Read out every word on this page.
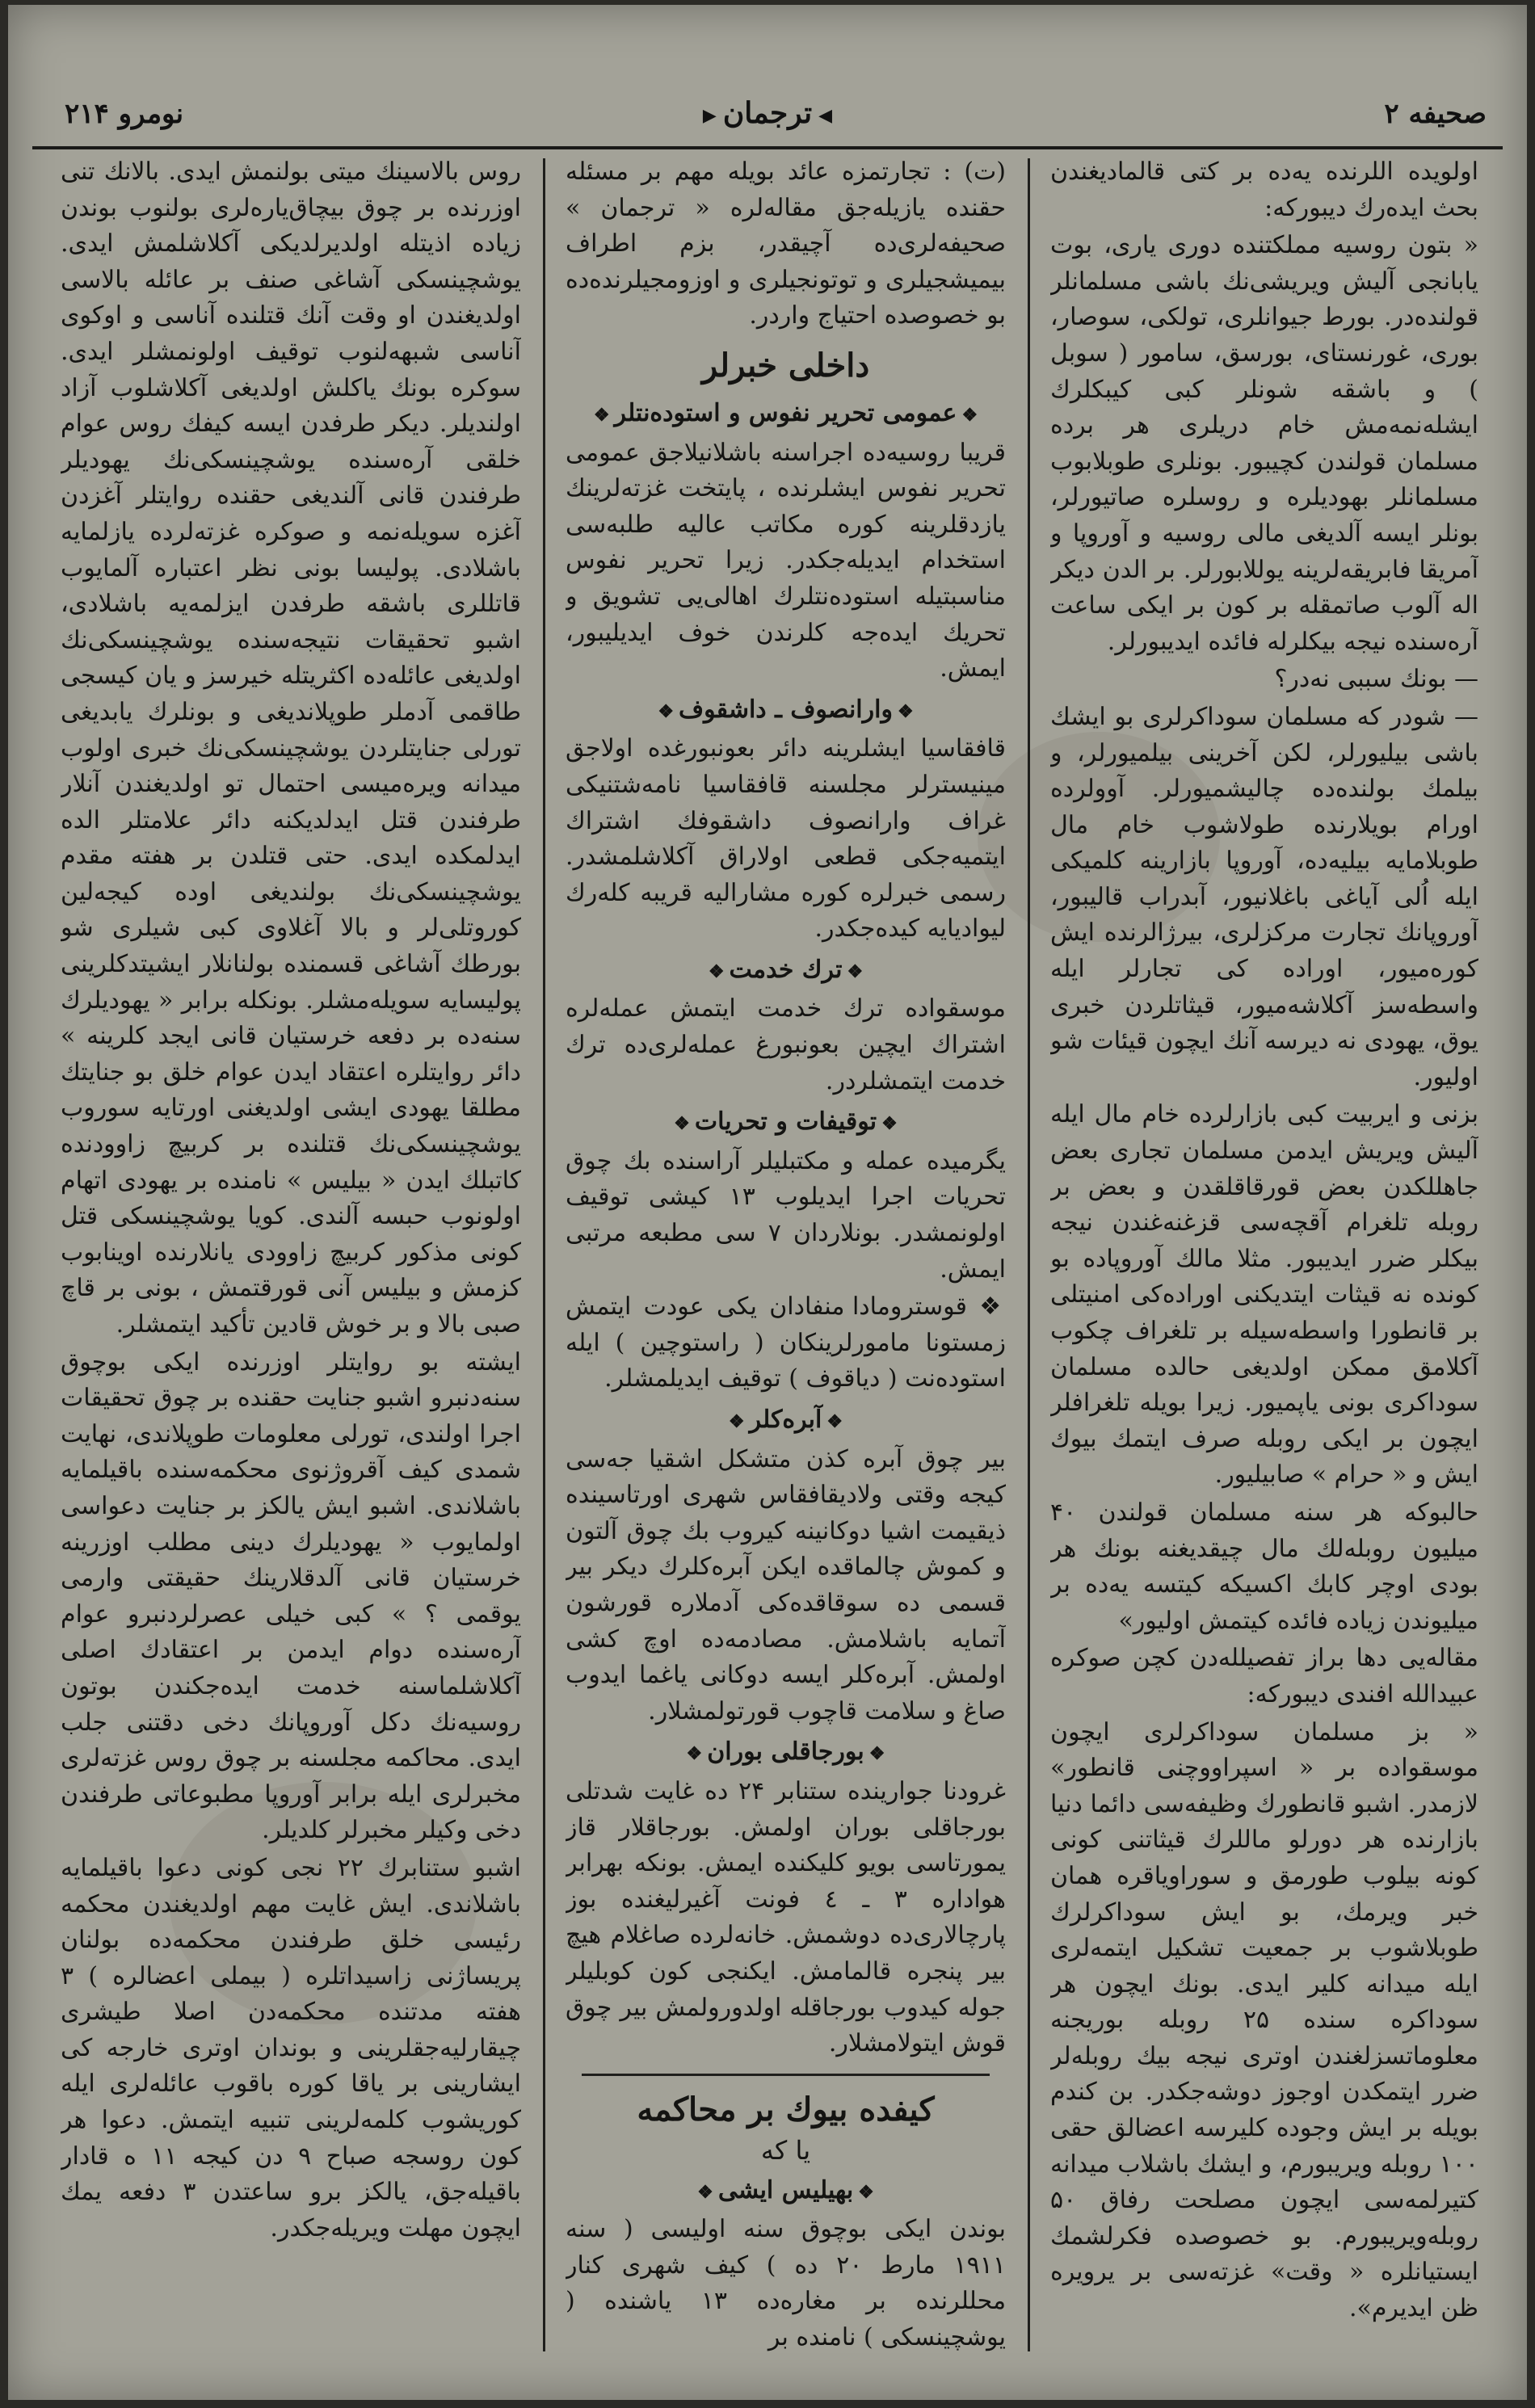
صحیفه ۲
◀ ترجمان ▶
نومرو ۲۱۴

اولویده اللرنده یه‌ده بر کتی قالمادیغندن بحث ایده‌رك دیبورکه:

« بتون روسیه مملکتنده دوری یاری، بوت یابانجی آلیش ویریشی‌نك باشی مسلمانلر قولنده‌در. بورط جیوانلری، تولکی، سوصار، بوری، غورنستای، بورسق، سامور ( سوبل ) و باشقه شونلر کبی کیبکلرك ایشله‌نمه‌مش خام دریلری هر برده مسلمان قولندن کچیبور. بونلری طوبلابوب مسلمانلر بهودیلره و روسلره صاتیورلر، بونلر ایسه آلدیغی مالی روسیه و آوروپا و آمریقا فابریقه‌لرینه یوللابورلر. بر الدن دیکر اله آلوب صاتمقله بر کون بر ایکی ساعت آره‌سنده نیجه بیکلرله فائده ایدیبورلر.

— بونك سببی نه‌در؟

— شودر که مسلمان سوداکرلری بو ایشك باشی بیلیورلر، لکن آخرینی بیلمیورلر، و بیلمك بولنده‌ده چالیشمیورلر. آوولرده اورام بویلارنده طولاشوب خام مال طوبلامایه بیلیه‌ده، آوروپا بازارینه کلمیکی ایله اُلی آیاغی باغلانیور، آبدراب قالیبور، آوروپانك تجارت مرکزلری، بیرژالرنده ایش کوره‌میور، اوراده کی تجارلر ایله واسطه‌سز آکلاشه‌میور، قیثاتلردن خبری یوق، یهودی نه دیرسه آنك ایچون قیئات شو اولیور.

بزنی و ایربیت کبی بازارلرده خام مال ایله آلیش ویریش ایدمن مسلمان تجاری بعض جاهللکدن بعض قورقاقلقدن و بعض بر روبله تلغرام آقچه‌سی قزغنه‌غندن نیجه بیکلر ضرر ایدیبور. مثلا مالك آوروپاده بو کونده نه قیثات ایتدیکنی اوراده‌کی امنیتلی بر قانطورا واسطه‌سیله بر تلغراف چکوب آکلامق ممکن اولدیغی حالده مسلمان سوداکری بونی یاپمیور. زیرا بویله تلغرافلر ایچون بر ایکی روبله صرف ایتمك بیوك ایش و « حرام » صابیلیور.

حالبوکه هر سنه مسلمان قولندن ۴۰ میلیون روبله‌لك مال چیقدیغنه بونك هر بودی اوچر کابك اکسیکه کیتسه یه‌ده بر میلیوندن زیاده فائده کیتمش اولیور»

مقاله‌یی دها براز تفصیلله‌دن کچن صوکره عبیدالله افندی دیبورکه:

« بز مسلمان سوداکرلری ایچون موسقواده بر « اسپراووچنی قانطور» لازمدر. اشبو قانطورك وظیفه‌سی دائما دنیا بازارنده هر دورلو ماللرك قیثاتنی کونی کونه بیلوب طورمق و سوراویاقره همان خبر ویرمك، بو ایش سوداکرلرك طوبلاشوب بر جمعیت تشکیل ایتمه‌لری ایله میدانه کلیر ایدی. بونك ایچون هر سوداکره سنده ۲۵ روبله بوریجنه معلوماتسزلغندن اوتری نیجه بیك روبله‌لر ضرر ایتمکدن اوجوز دوشه‌جکدر. بن کندم بویله بر ایش وجوده کلیرسه اعضالق حقی ۱۰۰ روبله ویریبورم، و ایشك باشلاب میدانه کتیرلمه‌سی ایچون مصلحت رفاق ۵۰ روبله‌ویریبورم. بو خصوصده فکرلشمك ایستیانلره « وقت» غزته‌سی بر یرویره ظن ایدیرم».

(ت) : تجارتمزه عائد بویله مهم بر مسئله حقنده یازیله‌جق مقاله‌لره « ترجمان » صحیفه‌لری‌ده آچیقدر، بزم اطراف بیمیشجیلری و توتونجیلری و اوزومجیلرنده‌ده بو خصوصده احتیاج واردر.

داخلی خبرلر
❖عمومی تحریر نفوس و استوده‌نتلر❖

قریبا روسیه‌ده اجراسنه باشلانیلاجق عمومی تحریر نفوس ایشلرنده ، پایتخت غزته‌لرینك یازدقلرینه کوره مکاتب عالیه طلبه‌سی استخدام ایدیله‌جکدر. زیرا تحریر نفوس مناسبتیله استوده‌نتلرك اهالی‌یی تشویق و تحریك ایده‌جه کلرندن خوف ایدیلیبور، ایمش.

❖وارانصوف ـ داشقوف❖

قافقاسیا ایشلرینه دائر بعونبورغده اولاجق مینیسترلر مجلسنه قافقاسیا نامه‌شتنیکی غراف وارانصوف داشقوفك اشتراك ایتمیه‌جکی قطعی اولاراق آکلاشلمشدر. رسمی خبرلره کوره مشارالیه قریبه کله‌رك لیوادیایه کیده‌جکدر.

❖ترك خدمت❖

موسقواده ترك خدمت ایتمش عمله‌لره اشتراك ایچین بعونبورغ عمله‌لری‌ده ترك خدمت ایتمشلردر.

❖توقیفات و تحریات❖

یگرمیده عمله و مکتبلیلر آرا‌سنده بك چوق تحریات اجرا ایدیلوب ۱۳ کیشی توقیف اولونمشدر. بونلاردان ۷ سی مطبعه مرتبی ایمش.

❖ قوسترومادا منفادان یکی عودت ایتمش زمستونا مامورلرینکان ( راستوچین ) ایله استوده‌نت ( دیاقوف ) توقیف ایدیلمشلر.

❖آبره‌کلر❖

بیر چوق آبره کذن متشکل اشقیا جه‌سی کیجه وقتی ولادیقافقاس شهری اورتاسینده ذیقیمت اشیا دوکانینه کیروب بك چوق آلتون و کموش چالماقده ایکن آبره‌کلرك دیکر بیر قسمی ده سوقاقده‌کی آدملاره قورشون آتمایه باشلامش. مصادمه‌ده اوچ کشی اولمش. آبره‌کلر ایسه دوکانی یاغما ایدوب صاغ و سلامت قاچوب قورتولمشلار.

❖بورجاقلی بوران❖

غرودنا جوارینده ستنابر ۲۴ ده غایت شدتلی بورجاقلی بوران اولمش. بورجاقلار قاز یمورتاسی بویو کلیکنده ایمش. بونکه بهرابر هواداره ۳ ـ ٤ فونت آغیرلیغنده بوز پارچالاری‌ده دوشمش. خانه‌لرده صاغلام هیچ بیر پنجره قالمامش. ایکنجی کون کوبلیلر جوله کیدوب بورجاقله اولدورولمش بیر چوق قوش ایتولامشلار.

کیفده بیوك بر محاکمه
یا که
❖بهیلیس ایشی❖

بوندن ایکی بوچوق سنه اولیسی ( سنه ۱۹۱۱ مارط ۲۰ ده ) کیف شهری کنار محللرنده بر مغاره‌ده ۱۳ یاشنده ( یوشچینسکی ) نامنده بر

روس بالاسینك میتی بولنمش ایدی. بالانك تنی اوزرنده بر چوق بیچاق‌یاره‌لری بولنوب بوندن زیاده اذیتله اولدیرلدیکی آکلاشلمش ایدی. یوشچینسکی آشاغی صنف بر عائله بالاسی اولدیغندن او وقت آنك قتلنده آناسی و اوکوی آناسی شبهه‌لنوب توقیف اولونمشلر ایدی. سوکره بونك یاکلش اولدیغی آکلاشلوب آزاد اولندیلر. دیکر طرفدن ایسه کیفك روس عوام خلقی آره‌سنده یوشچینسکی‌نك یهودیلر طرفندن قانی آلندیغی حقنده روایتلر آغزدن آغزه سویله‌نمه و صوکره غزته‌لرده یازلمایه باشلادی. پولیسا بونی نظر اعتباره آلمایوب قاتللری باشقه طرفدن ایزلمه‌یه باشلادی، اشبو تحقیقات نتیجه‌سنده یوشچینسکی‌نك اولدیغی عائله‌ده اکثریتله خیرسز و یان کیسجی طاقمی آدملر طوپلاندیغی و بونلرك یابدیغی تورلی جنایتلردن یوشچینسکی‌نك خبری اولوب میدانه ویره‌میسی احتمال تو اولدیغندن آنلار طرفندن قتل ایدلدیکنه دائر علامتلر الده ایدلمکده ایدی. حتی قتلدن بر هفته مقدم یوشچینسکی‌نك بولندیغی اوده کیجه‌لین کوروتلی‌لر و بالا آغلاوی کبی شیلری شو بورطك آشاغی قسمنده بولنانلار ایشیتدکلرینی پولیسایه سویله‌مشلر. بونکله برابر « یهودیلرك سنه‌ده بر دفعه خرستیان قانی ایجد کلرینه » دائر روایتلره اعتقاد ایدن عوام خلق بو جنایتك مطلقا یهودی ایشی اولدیغنی اورتایه سوروب یوشچینسکی‌نك قتلنده بر کربیچ زاوودنده کاتبلك ایدن « بیلیس » نامنده بر یهودی اتهام اولونوب حبسه آلندی. کویا یوشچینسکی قتل کونی مذکور کربیچ زاوودی یانلارنده اوینابوب کزمش و بیلیس آنی قورقتمش ، بونی بر قاچ صبی بالا و بر خوش قادین تأکید ایتمشلر.

ایشته بو روایتلر اوزرنده ایکی بوچوق سنه‌دنبرو اشبو جنایت حقنده بر چوق تحقیقات اجرا اولندی، تورلی معلومات طوپلاندی، نهایت شمدی کیف آقروژنوی محکمه‌سنده باقیلمایه باشلاندی. اشبو ایش یالکز بر جنایت دعواسی اولمایوب « یهودیلرك دینی مطلب اوزرینه خرستیان قانی آلدقلارینك حقیقتی وارمی یوقمی ؟ » کبی خیلی عصرلردنبرو عوام آره‌سنده دوام ایدمن بر اعتقادك اصلی آکلاشلماسنه خدمت ایده‌جکندن بوتون روسیه‌نك دکل آوروپانك دخی دقتنی جلب ایدی. محاکمه مجلسنه بر چوق روس غزته‌لری مخبرلری ایله برابر آوروپا مطبوعاتی طرفندن دخی وکیلر مخبرلر کلدیلر.

اشبو ستنابرك ۲۲ نجی کونی دعوا باقیلمایه باشلاندی. ایش غایت مهم اولدیغندن محکمه رئیسی خلق طرفندن محکمه‌ده بولنان پریساژنی زاسیداتلره ( بیملی اعضالره ) ۳ هفته مدتنده محکمه‌دن اصلا طیشری چیقارلیه‌جقلرینی و بوندان اوتری خارجه کی ایشارینی بر یاقا کوره باقوب عائله‌لری ایله کوریشوب کلمه‌لرینی تنبیه ایتمش. دعوا هر کون روسجه صباح ۹ دن کیجه ۱۱ ه قادار باقیله‌جق، یالکز برو ساعتدن ۳ دفعه یمك ایچون مهلت ویریله‌جکدر.
